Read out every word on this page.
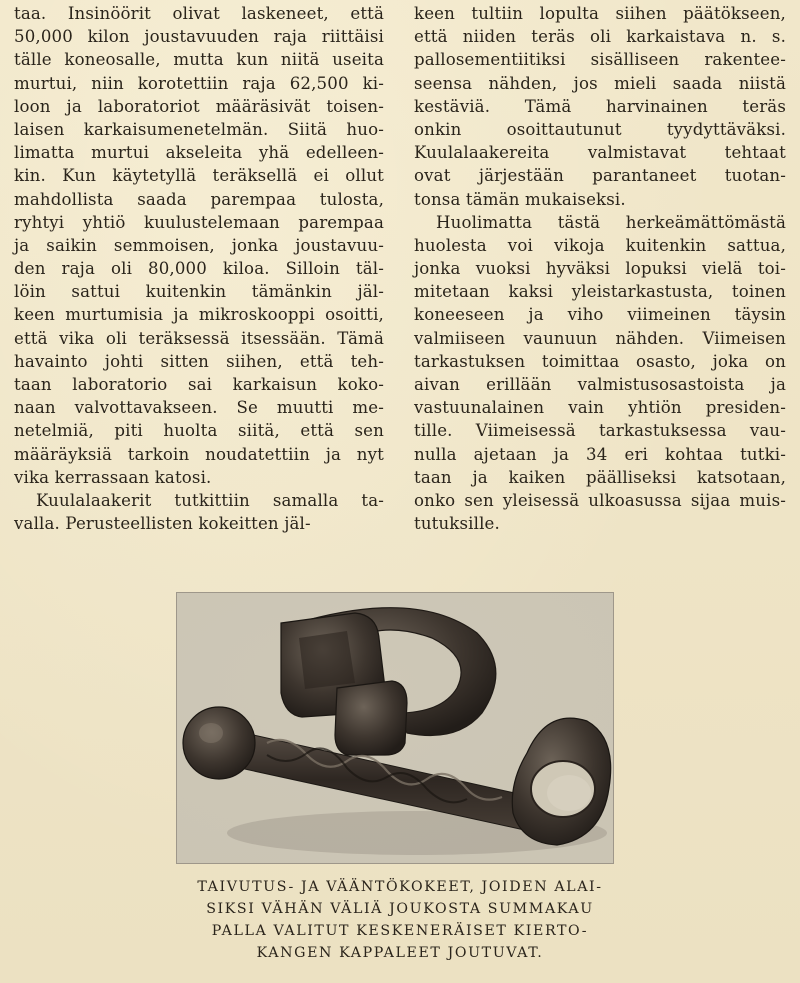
taa. Insinöörit olivat laskeneet, että
50,000 kilon joustavuuden raja riittäisi
tälle koneosalle, mutta kun niitä useita
murtui, niin korotettiin raja 62,500 ki-
loon ja laboratoriot määräsivät toisen-
laisen karkaisumenetelmän. Siitä huo-
limatta murtui akseleita yhä edelleen-
kin. Kun käytetyllä teräksellä ei ollut
mahdollista saada parempaa tulosta,
ryhtyi yhtiö kuulustelemaan parempaa
ja saikin semmoisen, jonka joustavuu-
den raja oli 80,000 kiloa. Silloin täl-
löin sattui kuitenkin tämänkin jäl-
keen murtumisia ja mikroskooppi osoitti,
että vika oli teräksessä itsessään. Tämä
havainto johti sitten siihen, että teh-
taan laboratorio sai karkaisun koko-
naan valvottavakseen. Se muutti me-
netelmiä, piti huolta siitä, että sen
määräyksiä tarkoin noudatettiin ja nyt
vika kerrassaan katosi.
Kuulalaakerit tutkittiin samalla ta-
valla. Perusteellisten kokeitten jäl-
keen tultiin lopulta siihen päätökseen,
että niiden teräs oli karkaistava n. s.
pallosementiitiksi sisälliseen rakentee-
seensa nähden, jos mieli saada niistä
kestäviä. Tämä harvinainen teräs
onkin osoittautunut tyydyttäväksi.
Kuulalaakereita valmistavat tehtaat
ovat järjestään parantaneet tuotan-
tonsa tämän mukaiseksi.
Huolimatta tästä herkeämättömästä
huolesta voi vikoja kuitenkin sattua,
jonka vuoksi hyväksi lopuksi vielä toi-
mitetaan kaksi yleistarkastusta, toinen
koneeseen ja viho viimeinen täysin
valmiiseen vaunuun nähden. Viimeisen
tarkastuksen toimittaa osasto, joka on
aivan erillään valmistusosastoista ja
vastuunalainen vain yhtiön presiden-
tille. Viimeisessä tarkastuksessa vau-
nulla ajetaan ja 34 eri kohtaa tutki-
taan ja kaiken päälliseksi katsotaan,
onko sen yleisessä ulkoasussa sijaa muis-
tutuksille.
TAIVUTUS- JA VÄÄNTÖKOKEET, JOIDEN ALAI-
SIKSI VÄHÄN VÄLIÄ JOUKOSTA SUMMAKAU
PALLA VALITUT KESKENERÄISET KIERTO-
KANGEN KAPPALEET JOUTUVAT.
